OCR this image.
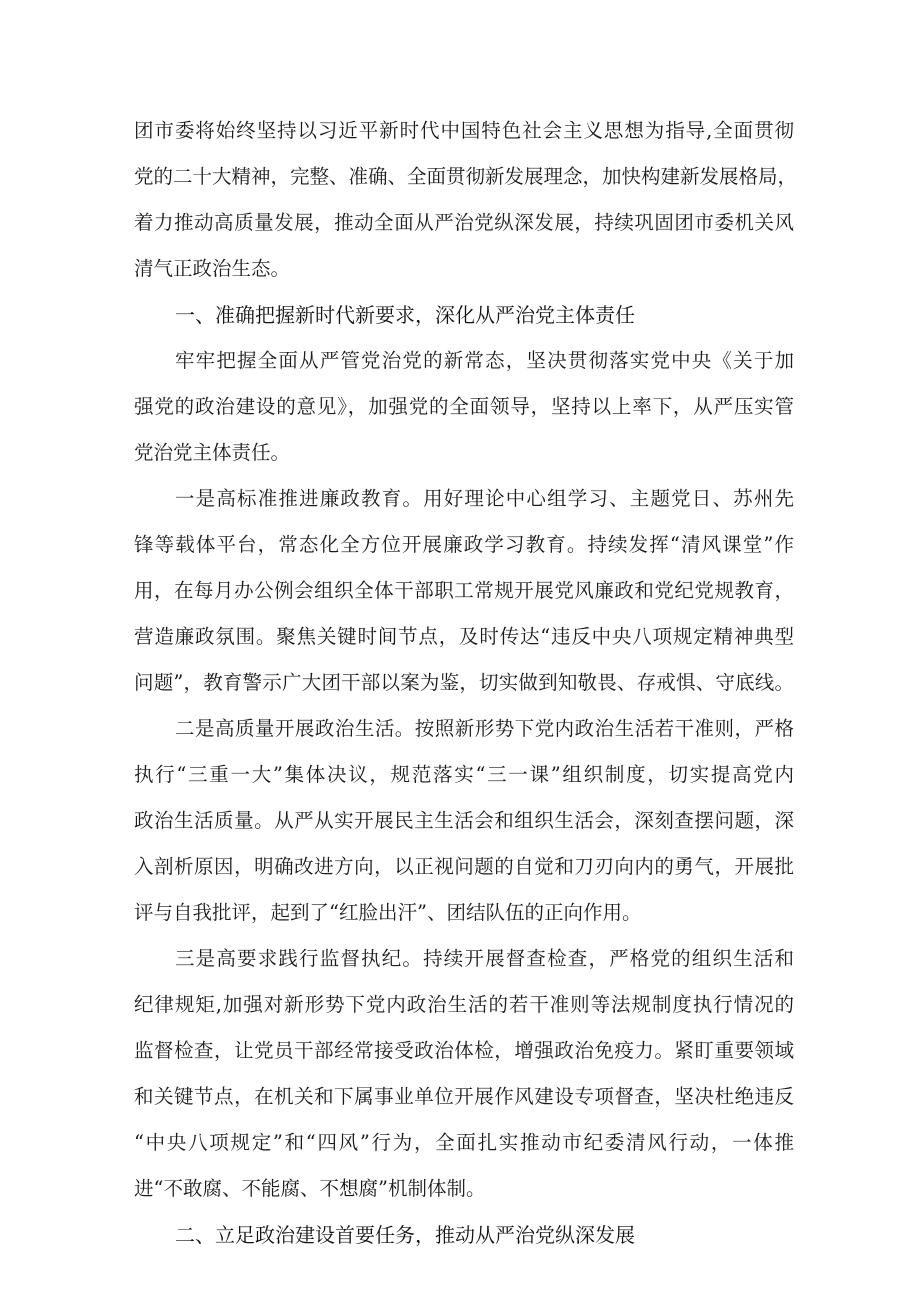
团市委将始终坚持以习近平新时代中国特色社会主义思想为指导,全面贯彻
党的二十大精神，完整、准确、全面贯彻新发展理念，加快构建新发展格局，
着力推动高质量发展，推动全面从严治党纵深发展，持续巩固团市委机关风
清气正政治生态。
一、准确把握新时代新要求，深化从严治党主体责任
牢牢把握全面从严管党治党的新常态，坚决贯彻落实党中央《关于加
强党的政治建设的意见》，加强党的全面领导，坚持以上率下，从严压实管
党治党主体责任。
一是高标准推进廉政教育。用好理论中心组学习、主题党日、苏州先
锋等载体平台，常态化全方位开展廉政学习教育。持续发挥“清风课堂”作
用，在每月办公例会组织全体干部职工常规开展党风廉政和党纪党规教育，
营造廉政氛围。聚焦关键时间节点，及时传达“违反中央八项规定精神典型
问题”，教育警示广大团干部以案为鉴，切实做到知敬畏、存戒惧、守底线。
二是高质量开展政治生活。按照新形势下党内政治生活若干准则，严格
执行“三重一大”集体决议，规范落实“三一课”组织制度，切实提高党内
政治生活质量。从严从实开展民主生活会和组织生活会，深刻查摆问题，深
入剖析原因，明确改进方向，以正视问题的自觉和刀刃向内的勇气，开展批
评与自我批评，起到了“红脸出汗”、团结队伍的正向作用。
三是高要求践行监督执纪。持续开展督查检查，严格党的组织生活和
纪律规矩,加强对新形势下党内政治生活的若干准则等法规制度执行情况的
监督检查，让党员干部经常接受政治体检，增强政治免疫力。紧盯重要领域
和关键节点，在机关和下属事业单位开展作风建设专项督查，坚决杜绝违反
“中央八项规定”和“四风”行为，全面扎实推动市纪委清风行动，一体推
进“不敢腐、不能腐、不想腐”机制体制。
二、立足政治建设首要任务，推动从严治党纵深发展
